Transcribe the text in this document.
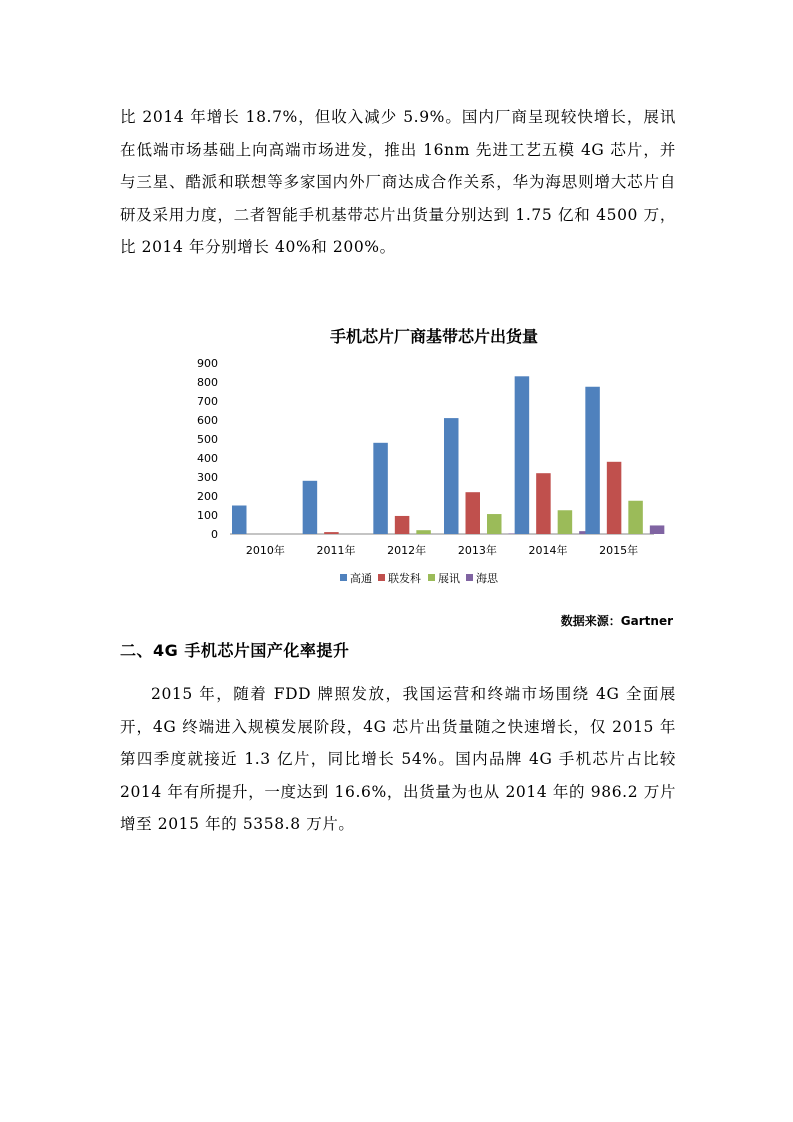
比 2014 年增长 18.7%，但收入减少 5.9%。国内厂商呈现较快增长，展讯在低端市场基础上向高端市场进发，推出 16nm 先进工艺五模 4G 芯片，并与三星、酷派和联想等多家国内外厂商达成合作关系，华为海思则增大芯片自研及采用力度，二者智能手机基带芯片出货量分别达到 1.75 亿和 4500 万，比 2014 年分别增长 40%和 200%。

手机芯片厂商基带芯片出货量
0
100
200
300
400
500
600
700
800
900
2010年	2011年	2012年	2013年	2014年	2015年
高通 联发科 展讯 海思
数据来源：Gartner
二、4G 手机芯片国产化率提升

2015 年，随着 FDD 牌照发放，我国运营和终端市场围绕 4G 全面展开，4G 终端进入规模发展阶段，4G 芯片出货量随之快速增长，仅 2015 年第四季度就接近 1.3 亿片，同比增长 54%。国内品牌 4G 手机芯片占比较 2014 年有所提升，一度达到 16.6%，出货量为也从 2014 年的 986.2 万片增至 2015 年的 5358.8 万片。
